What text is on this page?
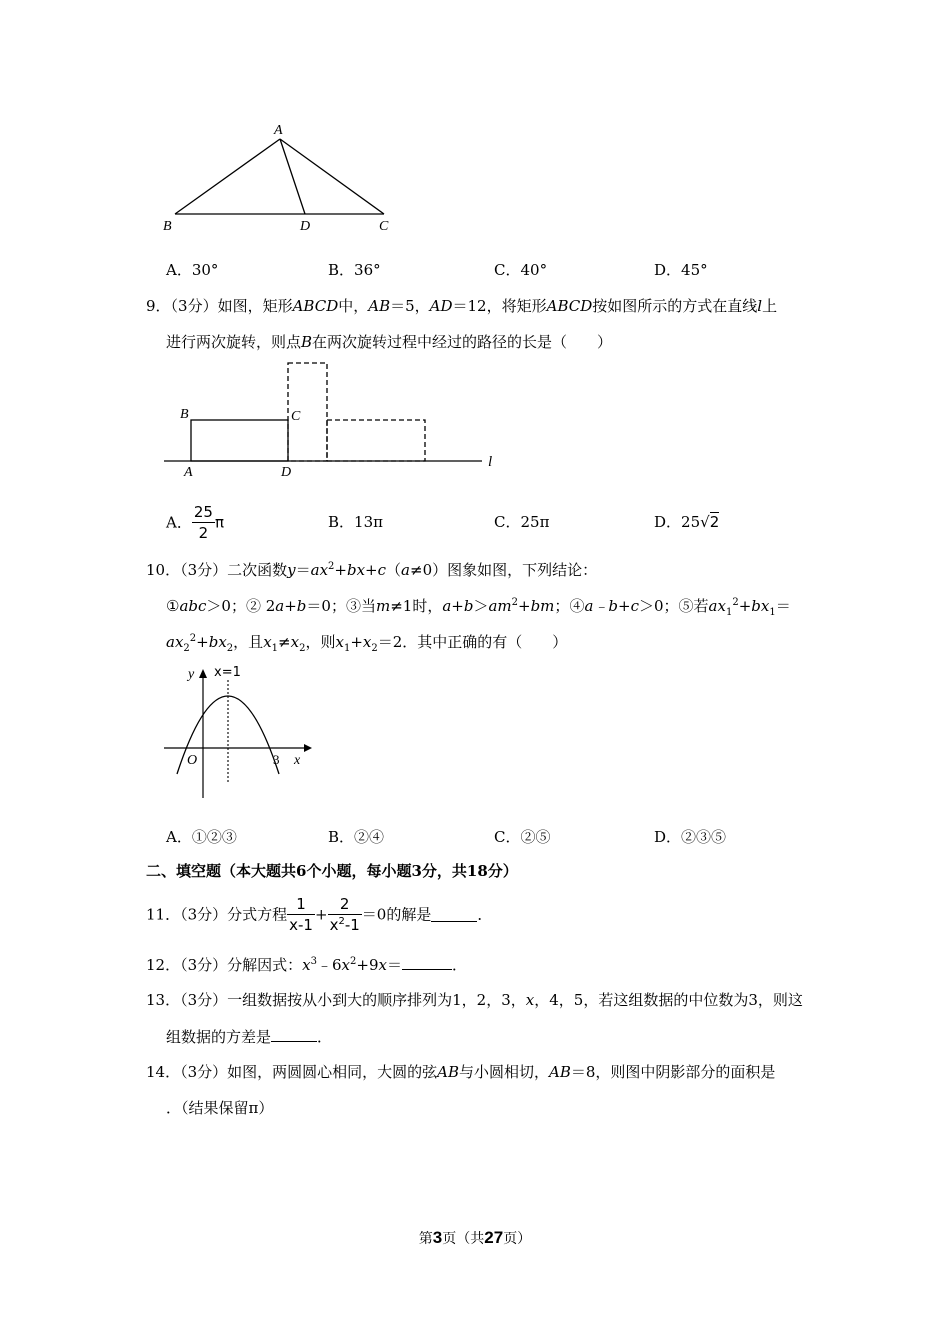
A
B	D	C
A．30°	B．36°	C．40°	D．45°
9．（3分）如图，矩形ABCD中，AB＝5，AD＝12，将矩形ABCD按如图所示的方式在直线l上
进行两次旋转，则点B在两次旋转过程中经过的路径的长是（　　）
B	C
A	D
l
A． $\frac{25}{2}$ π	B．13π	C．25π	D．25√2
10．（3分）二次函数$y=ax^2+bx+c(a\ne 0)$图象如图，下列结论：
①abc＞0；② 2a+b＝0；③当m≠1时，$a+b>am^2+bm$；④a﹣b+c＞0；⑤若$ax_1^2+bx_1=$
$ax_2^2+bx_2$，且$x_1\ne x_2$，则$x_1+x_2=2$．其中正确的有（　　）
y x=1
O	3 x
A．①②③	B．②④	C．②⑤	D．②③⑤
二、填空题（本大题共6个小题，每小题3分，共18分）
11．（3分）分式方程 $\frac{1}{x-1} + \frac{2}{x^2-1} =0$的解是	．
12．（3分）分解因式：$x^3﹣6x^2+9x=$	．
13．（3分）一组数据按从小到大的顺序排列为1，2，3，x，4，5，若这组数据的中位数为3，则这
组数据的方差是	．
14．（3分）如图，两圆圆心相同，大圆的弦AB与小圆相切，AB＝8，则图中阴影部分的面积是
．（结果保留π）
第3页（共27页）
